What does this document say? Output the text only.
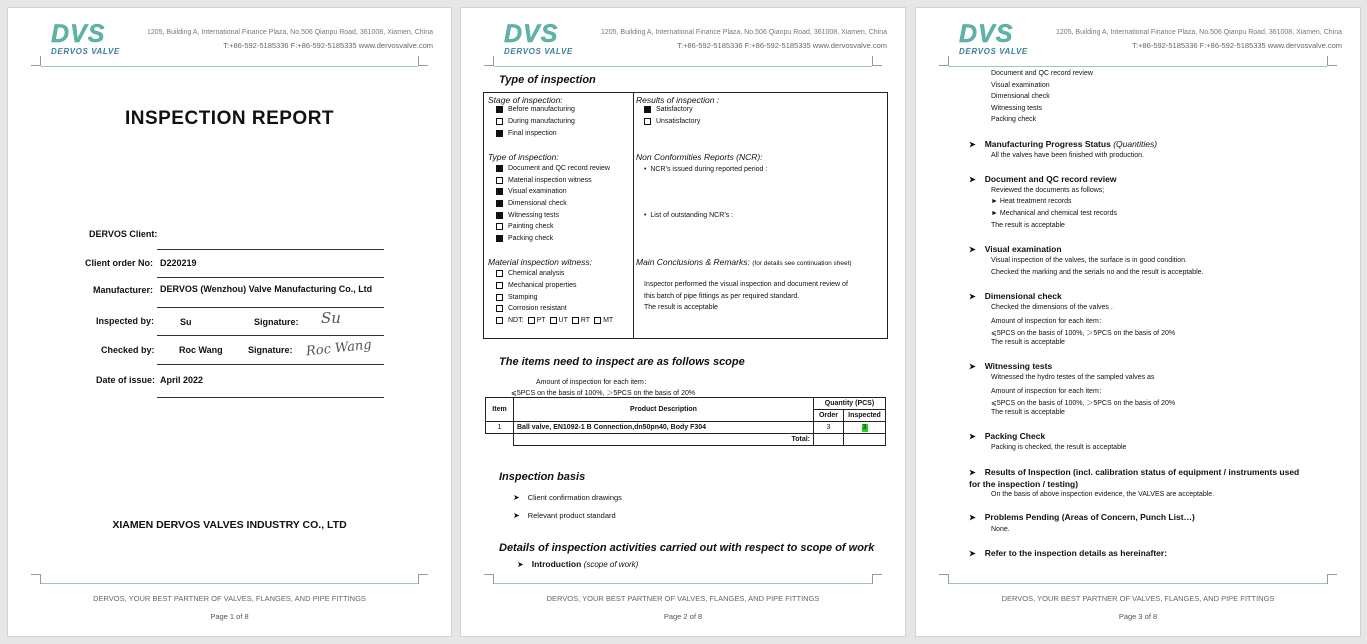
DVS
DERVOS VALVE
1205, Building A, International Finance Plaza, No.506 Qianpu Road, 361008, Xiamen, China
T:+86-592-5185336 F:+86-592-5185335 www.dervosvalve.com
INSPECTION REPORT
DERVOS Client:
Client order No: D220219
Manufacturer: DERVOS (Wenzhou) Valve Manufacturing Co., Ltd
Inspected by:	Su	Signature: Su
Checked by:	Roc Wang	Signature: Roc Wang
Date of issue: April 2022
XIAMEN DERVOS VALVES INDUSTRY CO., LTD
DERVOS, YOUR BEST PARTNER OF VALVES, FLANGES, AND PIPE FITTINGS
Page 1 of 8
DVS
DERVOS VALVE
1205, Building A, International Finance Plaza, No.506 Qianpu Road, 361008, Xiamen, China
T:+86-592-5185336 F:+86-592-5185335 www.dervosvalve.com
Type of inspection
Stage of inspection:
Before manufacturing
During manufacturing
Final inspection
Type of inspection:
Document and QC record review
Material inspection witness
Visual examination
Dimensional check
Witnessing tests
Painting check
Packing check
Material inspection witness:
Chemical analysis
Mechanical properties
Stamping
Corrosion resistant
NDT: PT UT RT MT
Results of inspection :
Satisfactory
Unsatisfactory
Non Conformities Reports (NCR):
•  NCR’s issued during reported period :
•  List of outstanding NCR’s :
Main Conclusions & Remarks: (for details see continuation sheet)
Inspector performed the visual inspection and document review of
this batch of pipe fittings as per required standard.
The result is acceptable
The items need to inspect are as follows scope
Amount of inspection for each item：
⩽5PCS on the basis of 100%, ＞5PCS on the basis of 20%
Item	Product Description	Quantity (PCS)	
		Order	Inspected
1	Ball valve, EN1092-1 B Connection,dn50pn40, Body F304	3	3
	Total:		
Inspection basis
➤ Client confirmation drawings
➤ Relevant product standard
Details of inspection activities carried out with respect to scope of work
➤ Introduction (scope of work)
DERVOS, YOUR BEST PARTNER OF VALVES, FLANGES, AND PIPE FITTINGS
Page 2 of 8
DVS
DERVOS VALVE
1205, Building A, International Finance Plaza, No.506 Qianpu Road, 361008, Xiamen, China
T:+86-592-5185336 F:+86-592-5185335 www.dervosvalve.com
Document and QC record review
Visual examination
Dimensional check
Witnessing tests
Packing check
➤ Manufacturing Progress Status (Quantities)
All the valves have been finished with production.
➤ Document and QC record review
Reviewed the documents as follows;
► Heat treatment records
► Mechanical and chemical test records
The result is acceptable
➤ Visual examination
Visual inspection of the valves, the surface is in good condition.
Checked the marking and the serials no and the result is acceptable.
➤ Dimensional check
Checked the dimensions of the valves .
Amount of inspection for each item：
⩽5PCS on the basis of 100%, ＞5PCS on the basis of 20%
The result is acceptable
➤ Witnessing tests
Witnessed the hydro testes of the sampled valves as
Amount of inspection for each item：
⩽5PCS on the basis of 100%, ＞5PCS on the basis of 20%
The result is acceptable
➤ Packing Check
Packing is checked, the result is acceptable
➤ Results of Inspection (incl. calibration status of equipment / instruments used
for the inspection / testing)
On the basis of above inspection evidence, the VALVES are acceptable.
➤ Problems Pending (Areas of Concern, Punch List…)
None.
➤ Refer to the inspection details as hereinafter:
DERVOS, YOUR BEST PARTNER OF VALVES, FLANGES, AND PIPE FITTINGS
Page 3 of 8
